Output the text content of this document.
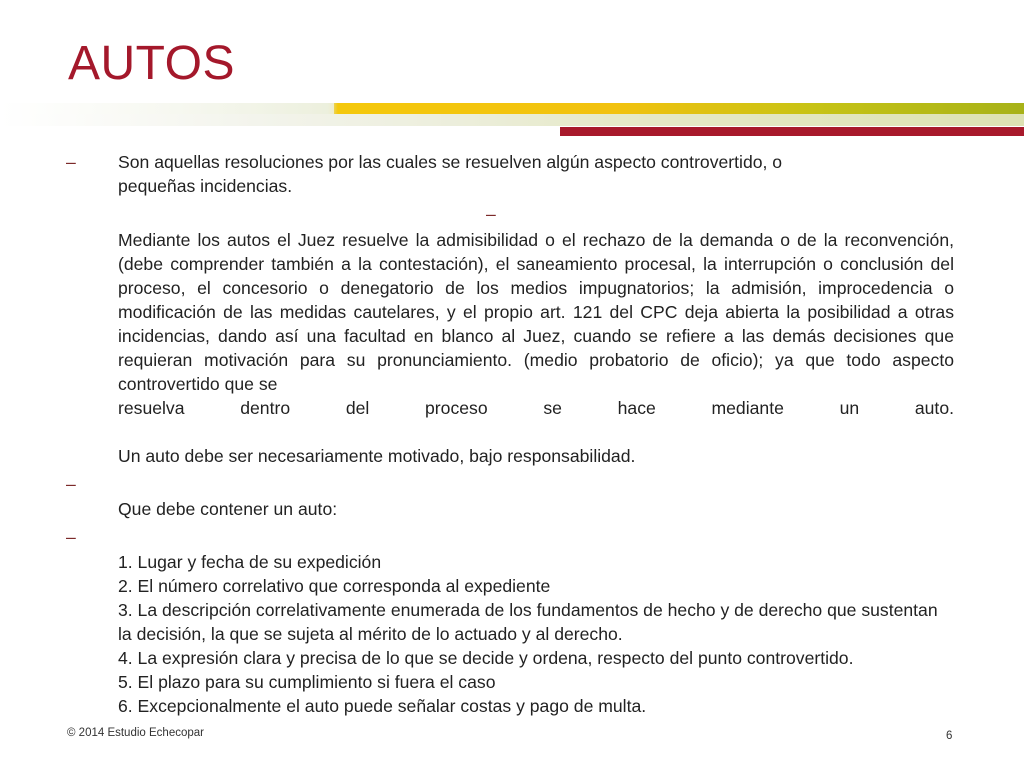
AUTOS
–	Son aquellas resoluciones por las cuales se resuelven algún aspecto controvertido, o
pequeñas incidencias.
–
Mediante los autos el Juez resuelve la admisibilidad o el rechazo de la demanda o de la reconvención, (debe comprender también a la contestación), el saneamiento procesal, la interrupción o conclusión del proceso, el concesorio o denegatorio de los medios impugnatorios; la admisión, improcedencia o modificación de las medidas cautelares, y el propio art. 121 del CPC deja abierta la posibilidad a otras incidencias, dando así una facultad en blanco al Juez, cuando se refiere a las demás decisiones que requieran motivación para su pronunciamiento. (medio probatorio de oficio); ya que todo aspecto controvertido que se
resuelva dentro del proceso se hace mediante un auto.
Un auto debe ser necesariamente motivado, bajo responsabilidad.
–
Que debe contener un auto:
–
1. Lugar y fecha de su expedición
2. El número correlativo que corresponda al expediente
3. La descripción correlativamente enumerada de los fundamentos de hecho y de derecho que sustentan la decisión, la que se sujeta al mérito de lo actuado y al derecho.
4. La expresión clara y precisa de lo que se decide y ordena, respecto del punto controvertido.
5. El plazo para su cumplimiento si fuera el caso
6. Excepcionalmente el auto puede señalar costas y pago de multa.
© 2014 Estudio Echecopar	6
